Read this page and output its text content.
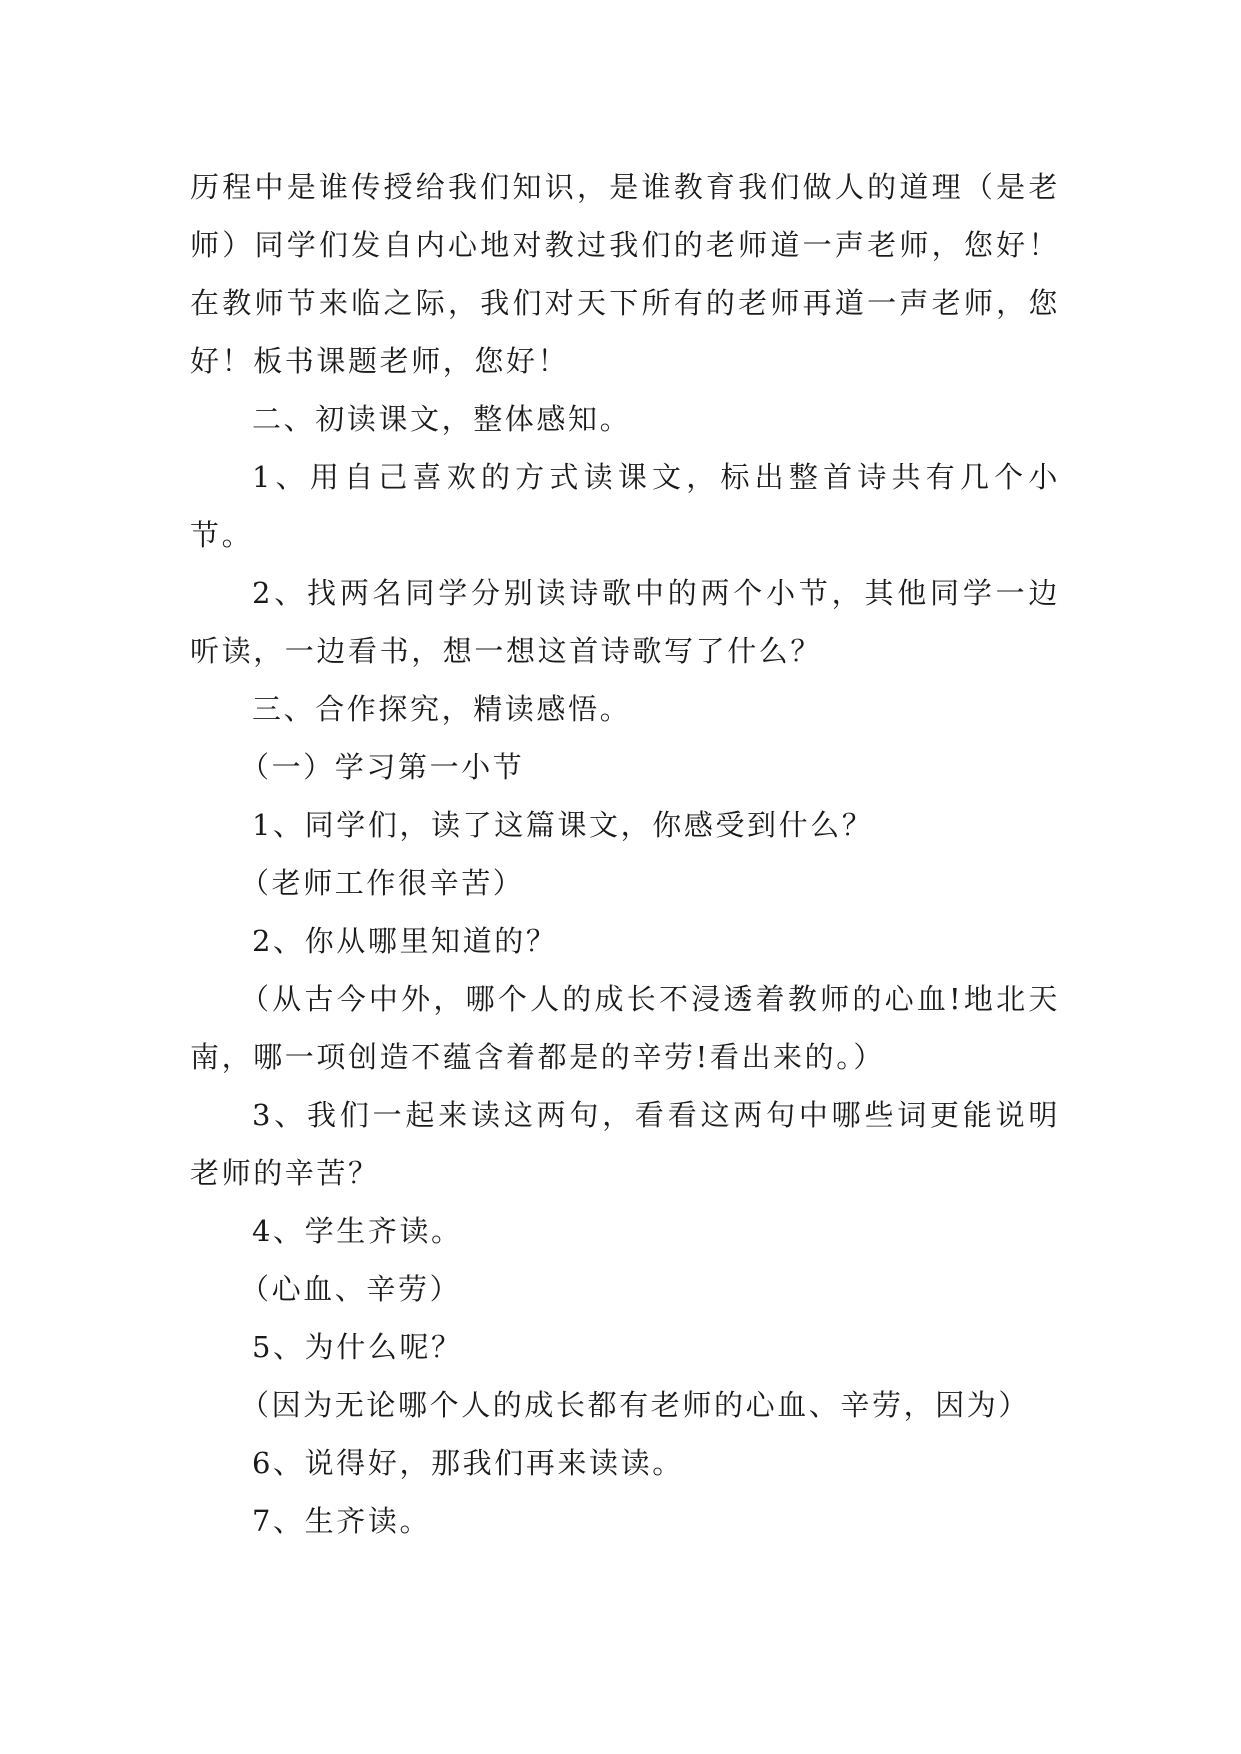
历程中是谁传授给我们知识，是谁教育我们做人的道理（是老师）同学们发自内心地对教过我们的老师道一声老师，您好！在教师节来临之际，我们对天下所有的老师再道一声老师，您好！板书课题老师，您好！

二、初读课文，整体感知。

1、用自己喜欢的方式读课文，标出整首诗共有几个小节。

2、找两名同学分别读诗歌中的两个小节，其他同学一边听读，一边看书，想一想这首诗歌写了什么？

三、合作探究，精读感悟。

（一）学习第一小节

1、同学们，读了这篇课文，你感受到什么？

（老师工作很辛苦）

2、你从哪里知道的？

（从古今中外，哪个人的成长不浸透着教师的心血!地北天南，哪一项创造不蕴含着都是的辛劳!看出来的。）

3、我们一起来读这两句，看看这两句中哪些词更能说明老师的辛苦？

4、学生齐读。

（心血、辛劳）

5、为什么呢？

（因为无论哪个人的成长都有老师的心血、辛劳，因为）

6、说得好，那我们再来读读。

7、生齐读。
